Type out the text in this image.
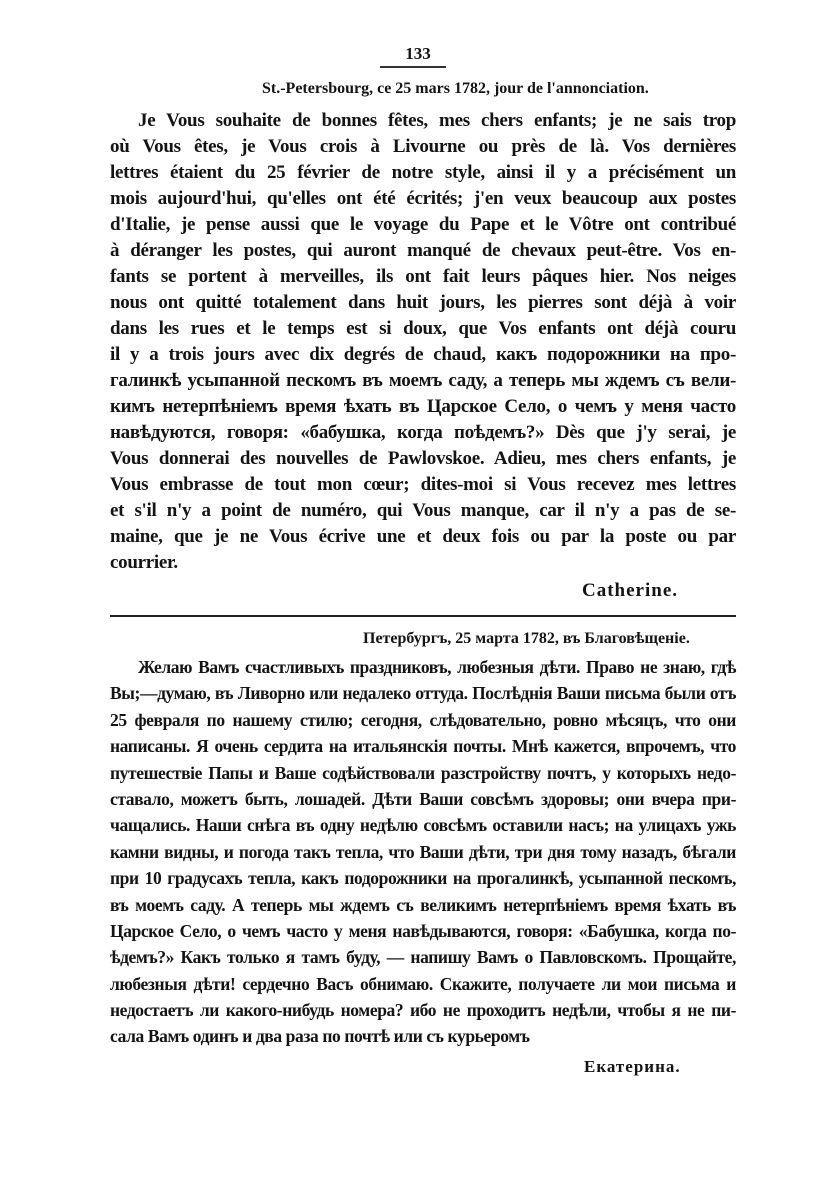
133
St.-Petersbourg, ce 25 mars 1782, jour de l'annonciation.
Je Vous souhaite de bonnes fêtes, mes chers enfants; je ne sais trop
où Vous êtes, je Vous crois à Livourne ou près de là. Vos dernières
lettres étaient du 25 février de notre style, ainsi il y a précisément un
mois aujourd'hui, qu'elles ont été écrités; j'en veux beaucoup aux postes
d'Italie, je pense aussi que le voyage du Pape et le Vôtre ont contribué
à déranger les postes, qui auront manqué de chevaux peut-être. Vos en-
fants se portent à merveilles, ils ont fait leurs pâques hier. Nos neiges
nous ont quitté totalement dans huit jours, les pierres sont déjà à voir
dans les rues et le temps est si doux, que Vos enfants ont déjà couru
il y a trois jours avec dix degrés de chaud, какъ подорожники на про-
галинкѣ усыпанной пескомъ въ моемъ саду, а теперь мы ждемъ съ вели-
кимъ нетерпѣніемъ время ѣхать въ Царское Село, о чемъ у меня часто
навѣдуются, говоря: «бабушка, когда поѣдемъ?» Dès que j'y serai, je
Vous donnerai des nouvelles de Pawlovskoe. Adieu, mes chers enfants, je
Vous embrasse de tout mon cœur; dites-moi si Vous recevez mes lettres
et s'il n'y a point de numéro, qui Vous manque, car il n'y a pas de se-
maine, que je ne Vous écrive une et deux fois ou par la poste ou par
courrier.
Catherine.
Петербургъ, 25 марта 1782, въ Благовѣщеніе.
Желаю Вамъ счастливыхъ праздниковъ, любезныя дѣти. Право не знаю, гдѣ
Вы;—думаю, въ Ливорно или недалеко оттуда. Послѣднія Ваши письма были отъ
25 февраля по нашему стилю; сегодня, слѣдовательно, ровно мѣсяцъ, что они
написаны. Я очень сердита на итальянскія почты. Мнѣ кажется, впрочемъ, что
путешествіе Папы и Ваше содѣйствовали разстройству почтъ, у которыхъ недо-
ставало, можетъ быть, лошадей. Дѣти Ваши совсѣмъ здоровы; они вчера при-
чащались. Наши снѣга въ одну недѣлю совсѣмъ оставили насъ; на улицахъ ужь
камни видны, и погода такъ тепла, что Ваши дѣти, три дня тому назадъ, бѣгали
при 10 градусахъ тепла, какъ подорожники на прогалинкѣ, усыпанной пескомъ,
въ моемъ саду. А теперь мы ждемъ съ великимъ нетерпѣніемъ время ѣхать въ
Царское Село, о чемъ часто у меня навѣдываются, говоря: «Бабушка, когда по-
ѣдемъ?» Какъ только я тамъ буду, — напишу Вамъ о Павловскомъ. Прощайте,
любезныя дѣти! сердечно Васъ обнимаю. Скажите, получаете ли мои письма и
недостаетъ ли какого-нибудь номера? ибо не проходитъ недѣли, чтобы я не пи-
сала Вамъ одинъ и два раза по почтѣ или съ курьеромъ
Екатерина.
